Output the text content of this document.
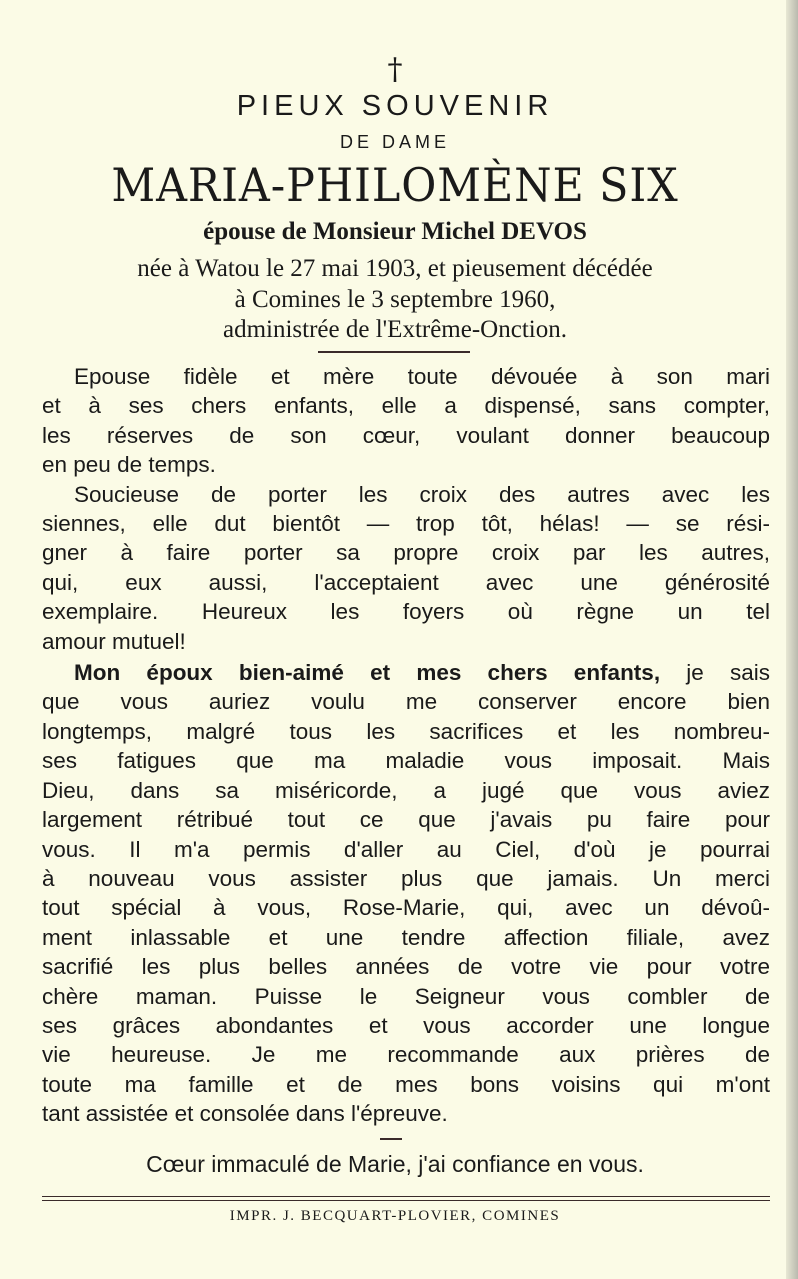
†
PIEUX SOUVENIR
DE DAME
MARIA-PHILOMÈNE SIX
épouse de Monsieur Michel DEVOS
née à Watou le 27 mai 1903, et pieusement décédée
à Comines le 3 septembre 1960,
administrée de l'Extrême-Onction.
Epouse fidèle et mère toute dévouée à son mari
et à ses chers enfants, elle a dispensé, sans compter,
les réserves de son cœur, voulant donner beaucoup
en peu de temps.
Soucieuse de porter les croix des autres avec les
siennes, elle dut bientôt — trop tôt, hélas! — se rési-
gner à faire porter sa propre croix par les autres,
qui, eux aussi, l'acceptaient avec une générosité
exemplaire. Heureux les foyers où règne un tel
amour mutuel!
Mon époux bien-aimé et mes chers enfants, je sais
que vous auriez voulu me conserver encore bien
longtemps, malgré tous les sacrifices et les nombreu-
ses fatigues que ma maladie vous imposait. Mais
Dieu, dans sa miséricorde, a jugé que vous aviez
largement rétribué tout ce que j'avais pu faire pour
vous. Il m'a permis d'aller au Ciel, d'où je pourrai
à nouveau vous assister plus que jamais. Un merci
tout spécial à vous, Rose-Marie, qui, avec un dévoû-
ment inlassable et une tendre affection filiale, avez
sacrifié les plus belles années de votre vie pour votre
chère maman. Puisse le Seigneur vous combler de
ses grâces abondantes et vous accorder une longue
vie heureuse. Je me recommande aux prières de
toute ma famille et de mes bons voisins qui m'ont
tant assistée et consolée dans l'épreuve.
Cœur immaculé de Marie, j'ai confiance en vous.
IMPR. J. BECQUART-PLOVIER, COMINES
